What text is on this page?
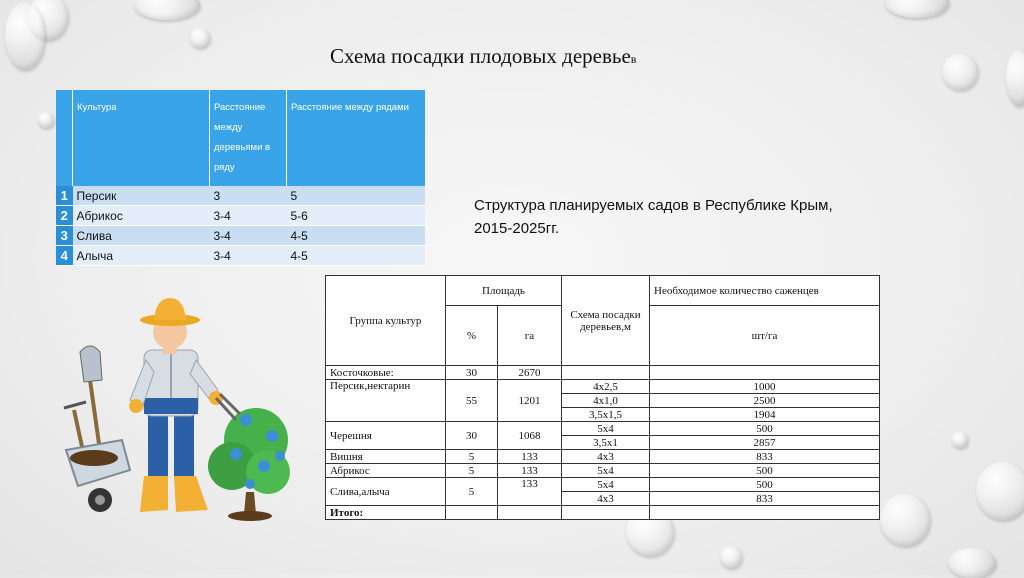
Схема посадки плодовых деревьев
	Культура	Расстояние между деревьями в ряду	Расстояние между рядами
1	Персик	3	5
2	Абрикос	3-4	5-6
3	Слива	3-4	4-5
4	Алыча	3-4	4-5
Структура планируемых садов в Республике Крым, 2015-2025гг.
Группа культур	Площадь		Схема посадки деревьев,м	Необходимое количество саженцев
	%	га		шт/га
Косточковые:	30	2670		
Персик,нектарин	55	1201	4х2,5	1000
			4х1,0	2500
			3,5х1,5	1904
Черешня	30	1068	5х4	500
			3,5х1	2857
Вишня	5	133	4х3	833
Абрикос	5	133	5х4	500
Слива,алыча	5	133	5х4	500
			4х3	833
Итого:				
